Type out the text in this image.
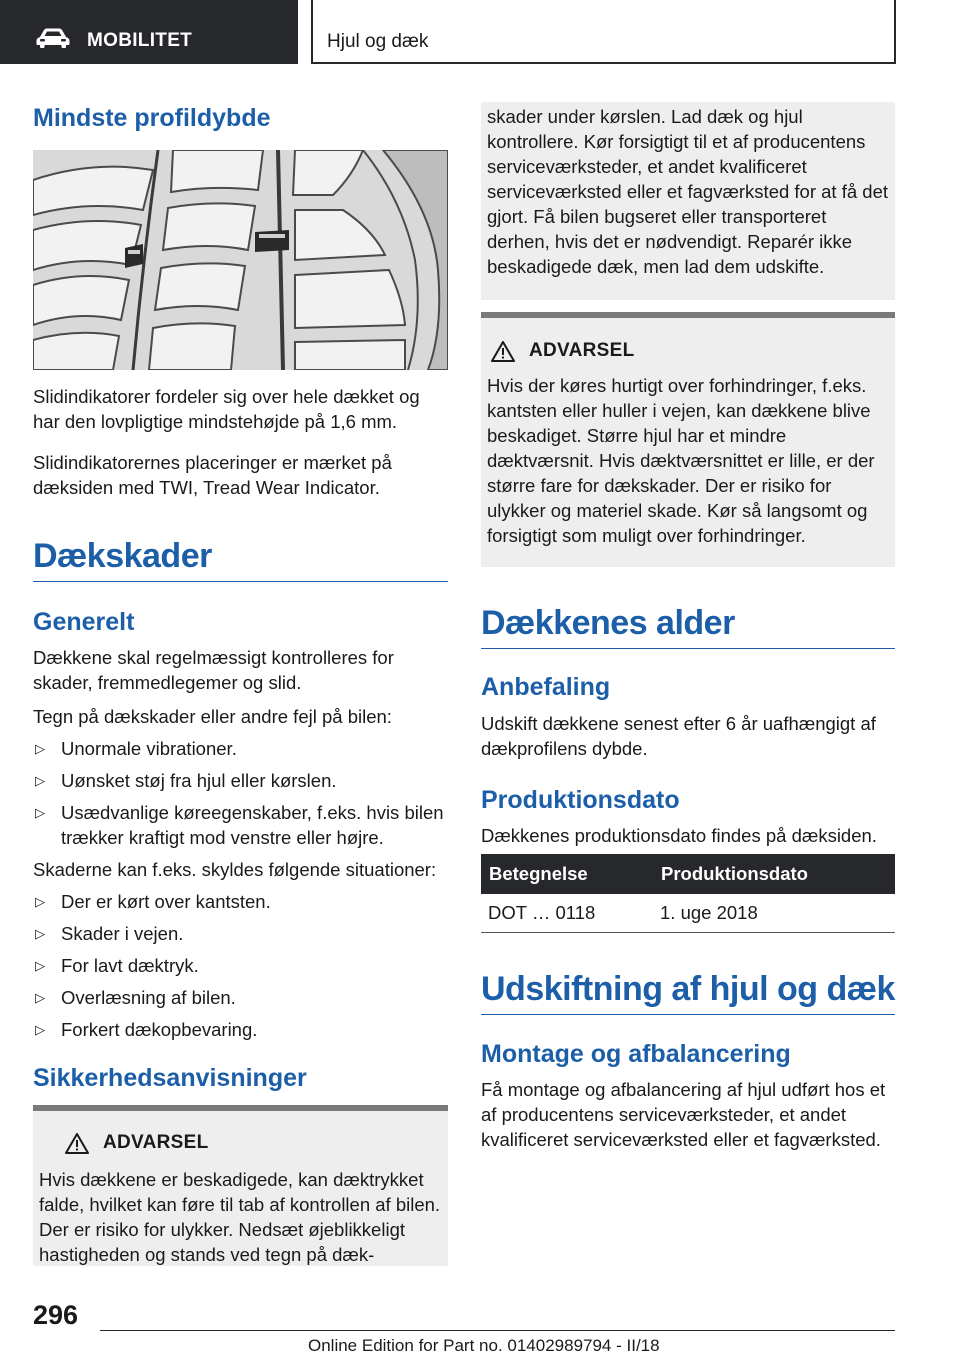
MOBILITET	Hjul og dæk
Mindste profildybde

Slidindikatorer fordeler sig over hele dækket og har den lovpligtige mindstehøjde på 1,6 mm.

Slidindikatorernes placeringer er mærket på dæksiden med TWI, Tread Wear Indicator.

Dækskader
Generelt

Dækkene skal regelmæssigt kontrolleres for skader, fremmedlegemer og slid.

Tegn på dækskader eller andre fejl på bilen:

▷ Unormale vibrationer.
▷ Uønsket støj fra hjul eller kørslen.
▷ Usædvanlige køreegenskaber, f.eks. hvis bilen trækker kraftigt mod venstre eller højre.

Skaderne kan f.eks. skyldes følgende situationer:

▷ Der er kørt over kantsten.
▷ Skader i vejen.
▷ For lavt dæktryk.
▷ Overlæsning af bilen.
▷ Forkert dækopbevaring.
Sikkerhedsanvisninger
ADVARSEL

Hvis dækkene er beskadigede, kan dæktrykket falde, hvilket kan føre til tab af kontrollen af bilen. Der er risiko for ulykker. Nedsæt øjeblikkeligt hastigheden og stands ved tegn på dæk-

skader under kørslen. Lad dæk og hjul kontrollere. Kør forsigtigt til et af producentens serviceværksteder, et andet kvalificeret serviceværksted eller et fagværksted for at få det gjort. Få bilen bugseret eller transporteret derhen, hvis det er nødvendigt. Reparér ikke beskadigede dæk, men lad dem udskifte.

ADVARSEL

Hvis der køres hurtigt over forhindringer, f.eks. kantsten eller huller i vejen, kan dækkene blive beskadiget. Større hjul har et mindre dæktværsnit. Hvis dæktværsnittet er lille, er der større fare for dækskader. Der er risiko for ulykker og materiel skade. Kør så langsomt og forsigtigt som muligt over forhindringer.

Dækkenes alder
Anbefaling

Udskift dækkene senest efter 6 år uafhængigt af dækprofilens dybde.

Produktionsdato

Dækkenes produktionsdato findes på dæksiden.

Betegnelse	Produktionsdato
DOT … 0118	1. uge 2018
Udskiftning af hjul og dæk
Montage og afbalancering

Få montage og afbalancering af hjul udført hos et af producentens serviceværksteder, et andet kvalificeret serviceværksted eller et fagværksted.

296
Online Edition for Part no. 01402989794 - II/18
